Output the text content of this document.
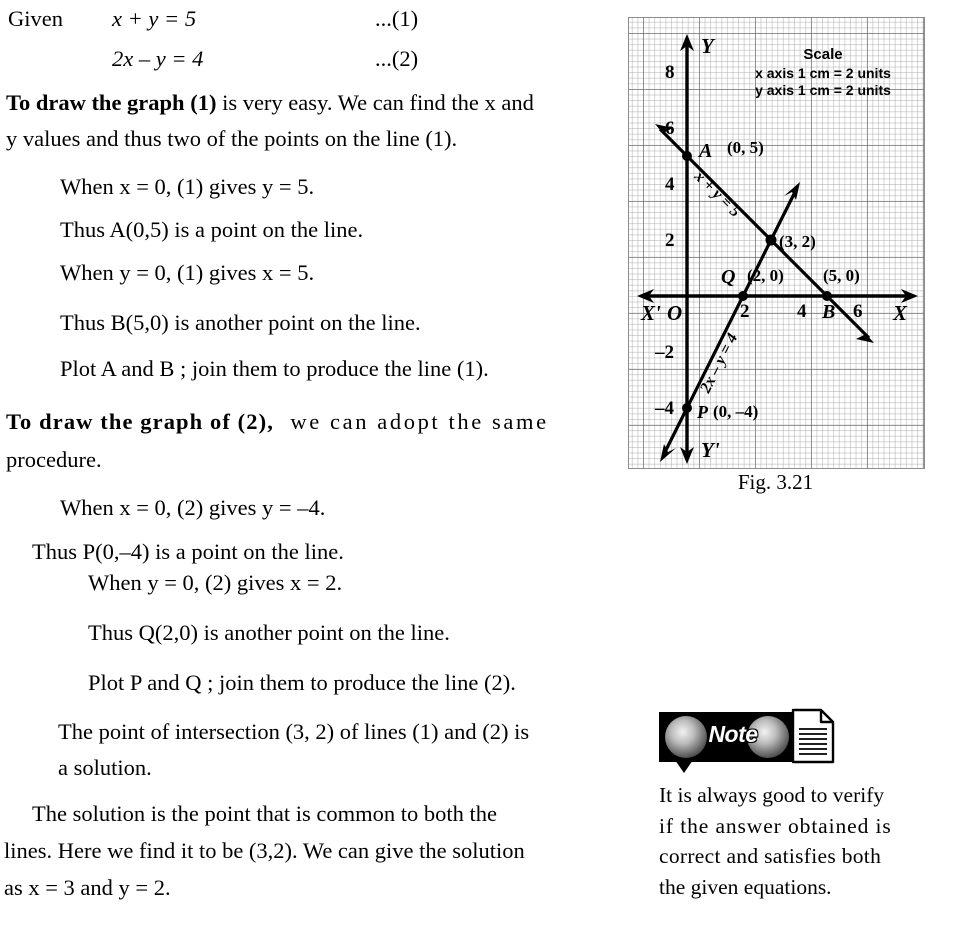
Given x + y = 5	...(1)
2x – y = 4	...(2)
To draw the graph (1) is very easy. We can find the x and
y values and thus two of the points on the line (1).
When x = 0, (1) gives y = 5.
Thus A(0,5) is a point on the line.
When y = 0, (1) gives x = 5.
Thus B(5,0) is another point on the line.
Plot A and B ; join them to produce the line (1).
To draw the graph of (2), we can adopt the same
procedure.
When x = 0, (2) gives y = –4.
Thus P(0,–4) is a point on the line.
When y = 0, (2) gives x = 2.
Thus Q(2,0) is another point on the line.
Plot P and Q ; join them to produce the line (2).
The point of intersection (3, 2) of lines (1) and (2) is
a solution.
The solution is the point that is common to both the
lines. Here we find it to be (3,2). We can give the solution
as x = 3 and y = 2.
Y
Y'
X
X' O
8
6
4
2
–2
–4
2	4 6
Scale
x axis 1 cm = 2 units
y axis 1 cm = 2 units
x + y = 5
2x – y = 4
A
B
Q
P
(0, 5)
(5, 0)
(2, 0)
(0, –4)
(3, 2)
Fig. 3.21
Note
It is always good to verify
if the answer obtained is
correct and satisfies both
the given equations.
